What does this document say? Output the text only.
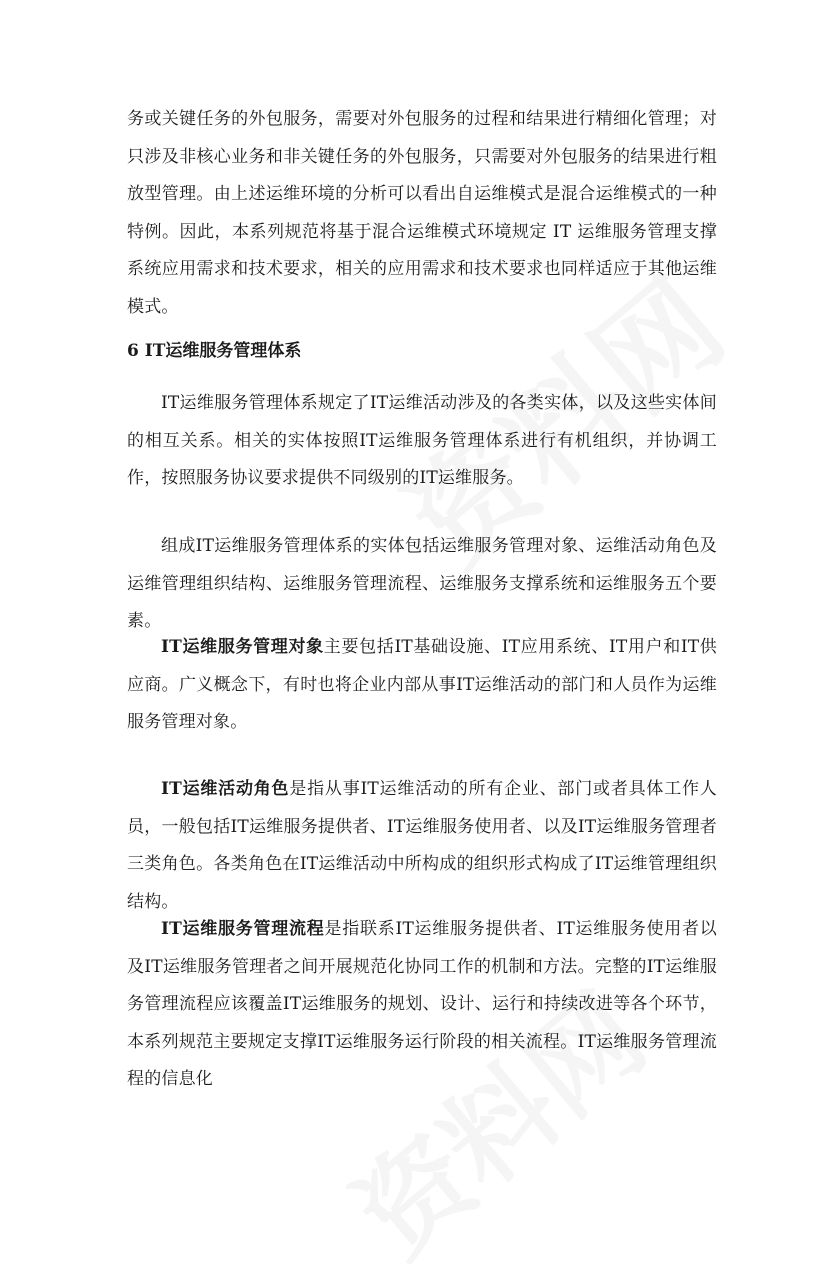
务或关键任务的外包服务，需要对外包服务的过程和结果进行精细化管理；对只涉及非核心业务和非关键任务的外包服务，只需要对外包服务的结果进行粗放型管理。由上述运维环境的分析可以看出自运维模式是混合运维模式的一种特例。因此，本系列规范将基于混合运维模式环境规定 IT 运维服务管理支撑系统应用需求和技术要求，相关的应用需求和技术要求也同样适应于其他运维模式。

6 IT运维服务管理体系

IT运维服务管理体系规定了IT运维活动涉及的各类实体，以及这些实体间的相互关系。相关的实体按照IT运维服务管理体系进行有机组织，并协调工作，按照服务协议要求提供不同级别的IT运维服务。

组成IT运维服务管理体系的实体包括运维服务管理对象、运维活动角色及运维管理组织结构、运维服务管理流程、运维服务支撑系统和运维服务五个要素。

IT运维服务管理对象主要包括IT基础设施、IT应用系统、IT用户和IT供应商。广义概念下，有时也将企业内部从事IT运维活动的部门和人员作为运维服务管理对象。

IT运维活动角色是指从事IT运维活动的所有企业、部门或者具体工作人员，一般包括IT运维服务提供者、IT运维服务使用者、以及IT运维服务管理者三类角色。各类角色在IT运维活动中所构成的组织形式构成了IT运维管理组织结构。

IT运维服务管理流程是指联系IT运维服务提供者、IT运维服务使用者以及IT运维服务管理者之间开展规范化协同工作的机制和方法。完整的IT运维服务管理流程应该覆盖IT运维服务的规划、设计、运行和持续改进等各个环节，本系列规范主要规定支撑IT运维服务运行阶段的相关流程。IT运维服务管理流程的信息化
